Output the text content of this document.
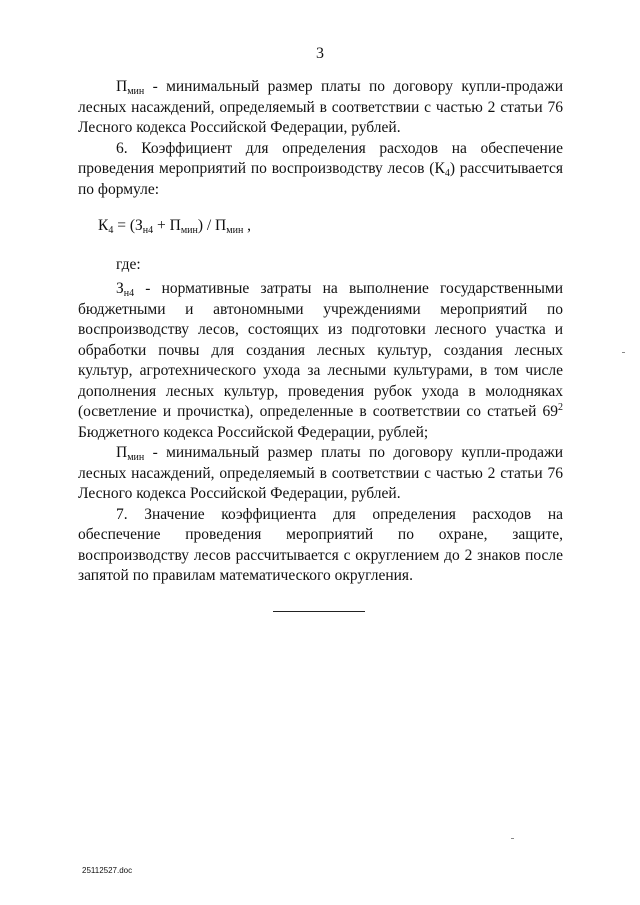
3

$П_{мин}$ - минимальный размер платы по договору купли-продажи лесных насаждений, определяемый в соответствии с частью 2 статьи 76 Лесного кодекса Российской Федерации, рублей.

6. Коэффициент для определения расходов на обеспечение проведения мероприятий по воспроизводству лесов $(К_4)$ рассчитывается по формуле:

$К_4 = (З_{н4} + П_{мин}) / П_{мин}$ ,

где:

$З_{н4}$ - нормативные затраты на выполнение государственными бюджетными и автономными учреждениями мероприятий по воспроизводству лесов, состоящих из подготовки лесного участка и обработки почвы для создания лесных культур, создания лесных культур, агротехнического ухода за лесными культурами, в том числе дополнения лесных культур, проведения рубок ухода в молодняках (осветление и прочистка), определенные в соответствии со статьей $69^2$ Бюджетного кодекса Российской Федерации, рублей;

$П_{мин}$ - минимальный размер платы по договору купли-продажи лесных насаждений, определяемый в соответствии с частью 2 статьи 76 Лесного кодекса Российской Федерации, рублей.

7. Значение коэффициента для определения расходов на обеспечение проведения мероприятий по охране, защите, воспроизводству лесов рассчитывается с округлением до 2 знаков после запятой по правилам математического округления.

25112527.doc
